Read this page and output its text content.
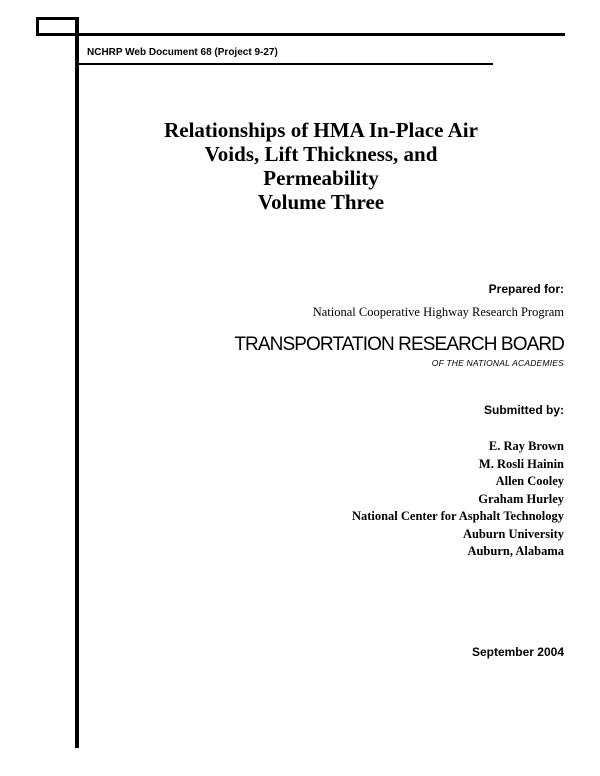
NCHRP Web Document 68 (Project 9-27)
Relationships of HMA In-Place Air
Voids, Lift Thickness, and
Permeability
Volume Three
Prepared for:
National Cooperative Highway Research Program
TRANSPORTATION RESEARCH BOARD
OF THE NATIONAL ACADEMIES
Submitted by:
E. Ray Brown
M. Rosli Hainin
Allen Cooley
Graham Hurley
National Center for Asphalt Technology
Auburn University
Auburn, Alabama
September 2004
